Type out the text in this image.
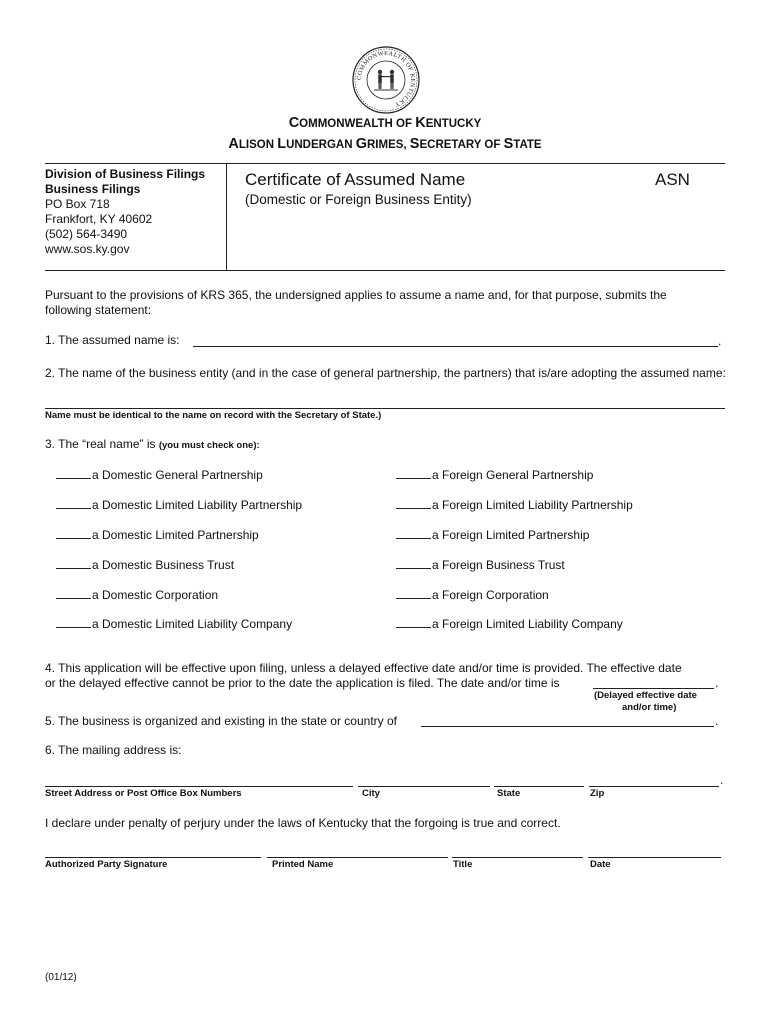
COMMONWEALTH OF KENTUCKY
COMMONWEALTH OF KENTUCKY
ALISON LUNDERGAN GRIMES, SECRETARY OF STATE
Division of Business Filings
Business Filings
PO Box 718
Frankfort, KY 40602
(502) 564-3490
www.sos.ky.gov
Certificate of Assumed Name	ASN
(Domestic or Foreign Business Entity)
Pursuant to the provisions of KRS 365, the undersigned applies to assume a name and, for that purpose, submits the following statement:
1. The assumed name is:	.
2. The name of the business entity (and in the case of general partnership, the partners) that is/are adopting the assumed name:
Name must be identical to the name on record with the Secretary of State.)
3. The “real name” is (you must check one):
a Domestic General Partnership
a Domestic Limited Liability Partnership
a Domestic Limited Partnership
a Domestic Business Trust
a Domestic Corporation
a Domestic Limited Liability Company
a Foreign General Partnership
a Foreign Limited Liability Partnership
a Foreign Limited Partnership
a Foreign Business Trust
a Foreign Corporation
a Foreign Limited Liability Company
4. This application will be effective upon filing, unless a delayed effective date and/or time is provided. The effective date
or the delayed effective cannot be prior to the date the application is filed. The date and/or time is	.
(Delayed effective date
and/or time)
5. The business is organized and existing in the state or country of	.
6. The mailing address is:
.
Street Address or Post Office Box Numbers	City	State	Zip
I declare under penalty of perjury under the laws of Kentucky that the forgoing is true and correct.
Authorized Party Signature	Printed Name	Title	Date
(01/12)
